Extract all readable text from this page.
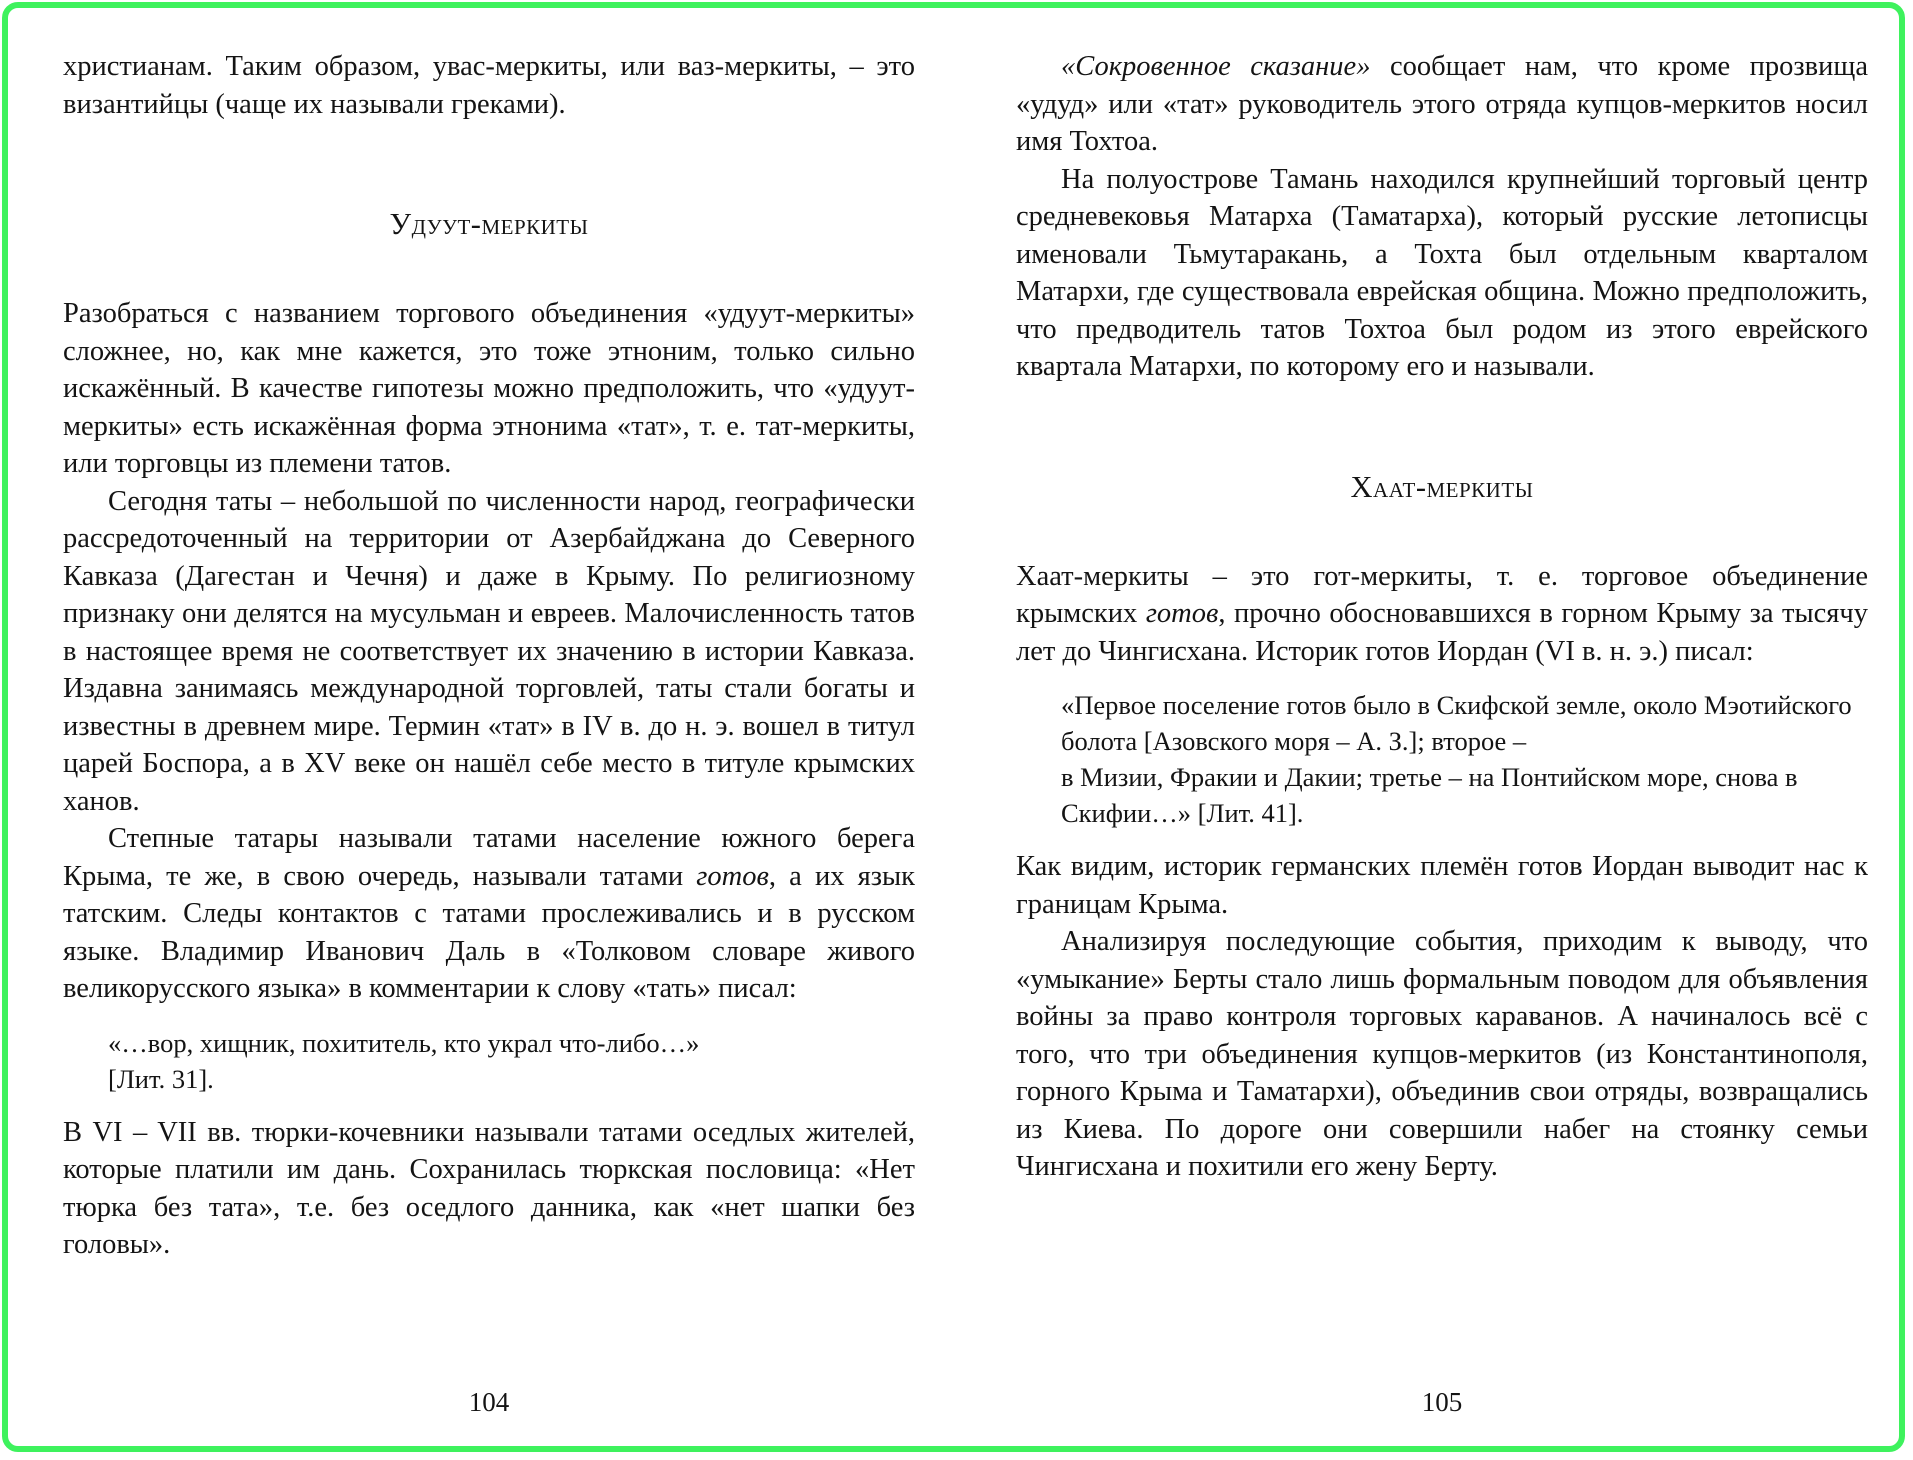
христианам. Таким образом, увас-меркиты, или ваз-меркиты, – это византийцы (чаще их называли греками).

Удуут-меркиты

Разобраться с названием торгового объединения «удуут-меркиты» сложнее, но, как мне кажется, это тоже этноним, только сильно искажённый. В качестве гипотезы можно предположить, что «удуут-меркиты» есть искажённая форма этнонима «тат», т. е. тат-меркиты, или торговцы из племени татов.

Сегодня таты – небольшой по численности народ, географически рассредоточенный на территории от Азербайджана до Северного Кавказа (Дагестан и Чечня) и даже в Крыму. По религиозному признаку они делятся на мусульман и евреев. Малочисленность татов в настоящее время не соответствует их значению в истории Кавказа. Издавна занимаясь международной торговлей, таты стали богаты и известны в древнем мире. Термин «тат» в IV в. до н. э. вошел в титул царей Боспора, а в XV веке он нашёл себе место в титуле крымских ханов.

Степные татары называли татами население южного берега Крыма, те же, в свою очередь, называли татами готов, а их язык татским. Следы контактов с татами прослеживались и в русском языке. Владимир Иванович Даль в «Толковом словаре живого великорусского языка» в комментарии к слову «тать» писал:

«…вор, хищник, похититель, кто украл что-либо…»
[Лит. 31].

В VI – VII вв. тюрки-кочевники называли татами оседлых жителей, которые платили им дань. Сохранилась тюркская пословица: «Нет тюрка без тата», т.е. без оседлого данника, как «нет шапки без головы».

104

«Сокровенное сказание» сообщает нам, что кроме прозвища «удуд» или «тат» руководитель этого отряда купцов-меркитов носил имя Тохтоа.

На полуострове Тамань находился крупнейший торговый центр средневековья Матарха (Таматарха), который русские летописцы именовали Тьмутаракань, а Тохта был отдельным кварталом Матархи, где существовала еврейская община. Можно предположить, что предводитель татов Тохтоа был родом из этого еврейского квартала Матархи, по которому его и называли.

Хаат-меркиты

Хаат-меркиты – это гот-меркиты, т. е. торговое объединение крымских готов, прочно обосновавшихся в горном Крыму за тысячу лет до Чингисхана. Историк готов Иордан (VI в. н. э.) писал:

«Первое поселение готов было в Скифской земле, около Мэотийского болота [Азовского моря – А. З.]; второе –
в Мизии, Фракии и Дакии; третье – на Понтийском море, снова в Скифии…» [Лит. 41].

Как видим, историк германских племён готов Иордан выводит нас к границам Крыма.

Анализируя последующие события, приходим к выводу, что «умыкание» Берты стало лишь формальным поводом для объявления войны за право контроля торговых караванов. А начиналось всё с того, что три объединения купцов-меркитов (из Константинополя, горного Крыма и Таматархи), объединив свои отряды, возвращались из Киева. По дороге они совершили набег на стоянку семьи Чингисхана и похитили его жену Берту.

105
